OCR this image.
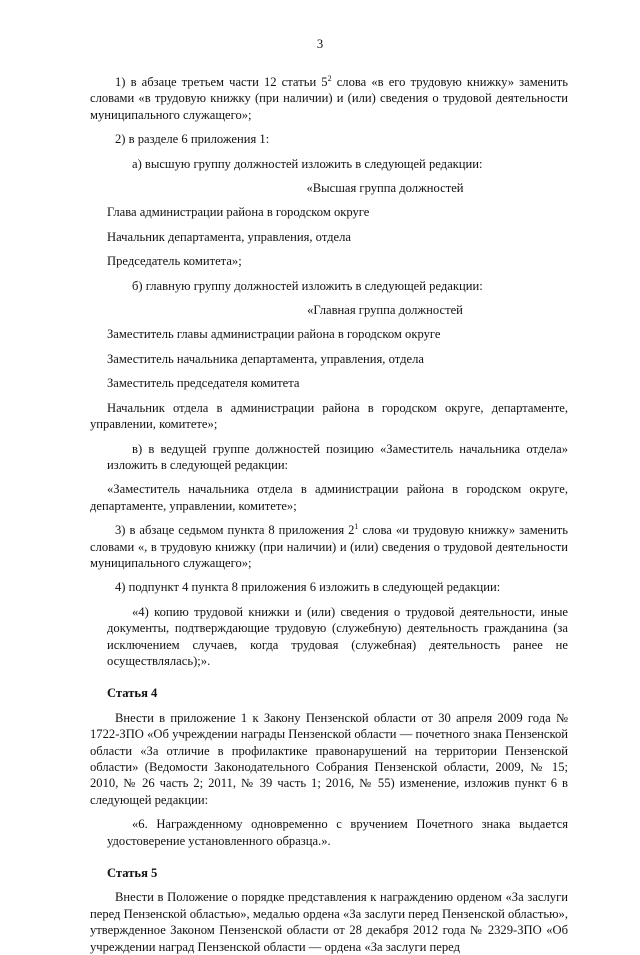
3

1) в абзаце третьем части 12 статьи $5^2$ слова «в его трудовую книжку» заменить словами «в трудовую книжку (при наличии) и (или) сведения о трудовой деятельности муниципального служащего»;

2) в разделе 6 приложения 1:

а) высшую группу должностей изложить в следующей редакции:

«Высшая группа должностей

Глава администрации района в городском округе

Начальник департамента, управления, отдела

Председатель комитета»;

б) главную группу должностей изложить в следующей редакции:

«Главная группа должностей

Заместитель главы администрации района в городском округе

Заместитель начальника департамента, управления, отдела

Заместитель председателя комитета

Начальник отдела в администрации района в городском округе, департаменте, управлении, комитете»;

в) в ведущей группе должностей позицию «Заместитель начальника отдела» изложить в следующей редакции:

«Заместитель начальника отдела в администрации района в городском округе, департаменте, управлении, комитете»;

3) в абзаце седьмом пункта 8 приложения $2^1$ слова «и трудовую книжку» заменить словами «, в трудовую книжку (при наличии) и (или) сведения о трудовой деятельности муниципального служащего»;

4) подпункт 4 пункта 8 приложения 6 изложить в следующей редакции:

«4) копию трудовой книжки и (или) сведения о трудовой деятельности, иные документы, подтверждающие трудовую (служебную) деятельность гражданина (за исключением случаев, когда трудовая (служебная) деятельность ранее не осуществлялась);».

Статья 4

Внести в приложение 1 к Закону Пензенской области от 30 апреля 2009 года № 1722-ЗПО «Об учреждении награды Пензенской области — почетного знака Пензенской области «За отличие в профилактике правонарушений на территории Пензенской области» (Ведомости Законодательного Собрания Пензенской области, 2009, № 15; 2010, № 26 часть 2; 2011, № 39 часть 1; 2016, № 55) изменение, изложив пункт 6 в следующей редакции:

«6. Награжденному одновременно с вручением Почетного знака выдается удостоверение установленного образца.».

Статья 5

Внести в Положение о порядке представления к награждению орденом «За заслуги перед Пензенской областью», медалью ордена «За заслуги перед Пензенской областью», утвержденное Законом Пензенской области от 28 декабря 2012 года № 2329-ЗПО «Об учреждении наград Пензенской области — ордена «За заслуги перед
